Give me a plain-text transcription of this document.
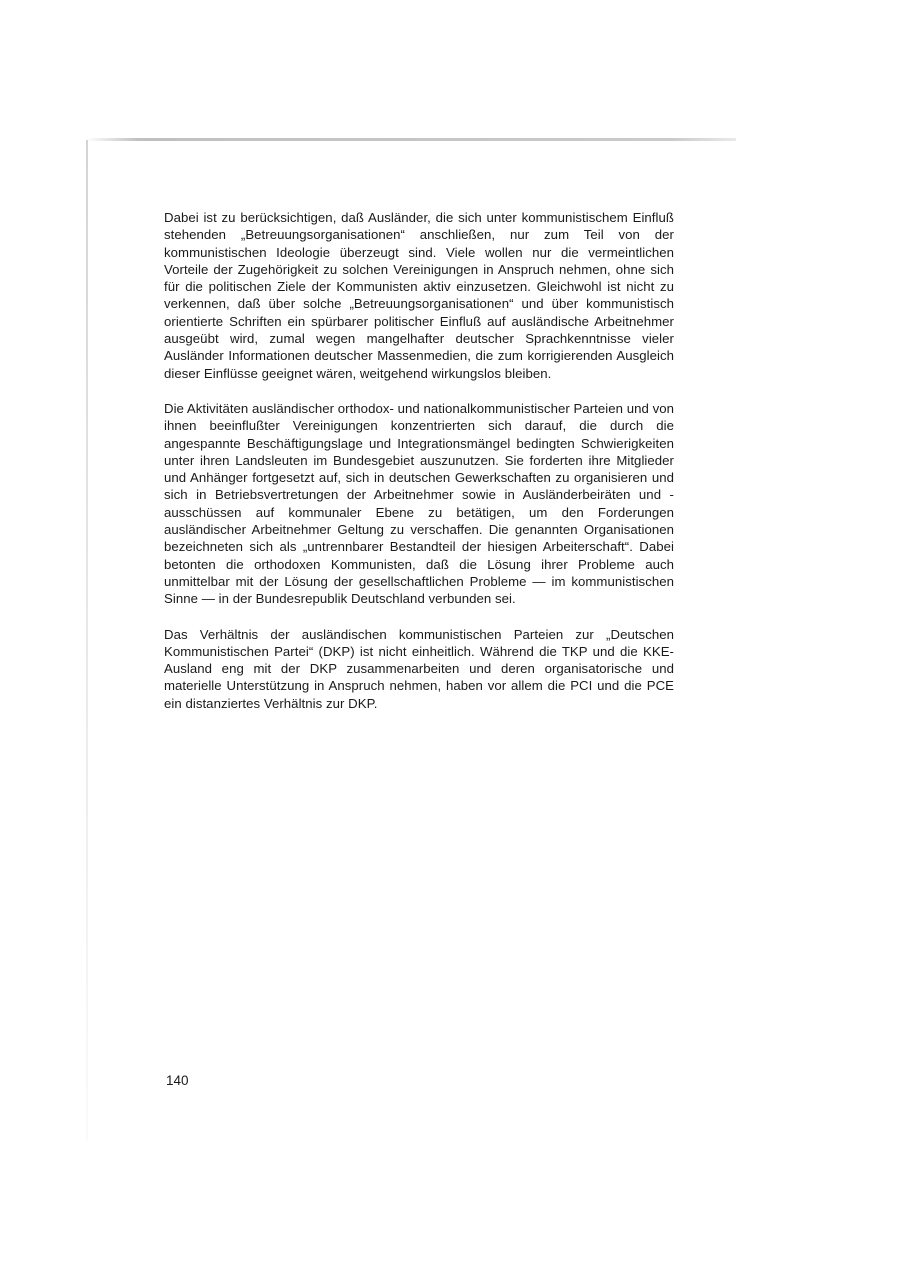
Dabei ist zu berücksichtigen, daß Ausländer, die sich unter kommunistischem Einfluß stehenden „Betreuungsorganisationen“ anschließen, nur zum Teil von der kommunistischen Ideologie überzeugt sind. Viele wollen nur die vermeintlichen Vorteile der Zugehörigkeit zu solchen Vereinigungen in Anspruch nehmen, ohne sich für die politischen Ziele der Kommunisten aktiv einzusetzen. Gleichwohl ist nicht zu verkennen, daß über solche „Betreuungsorganisationen“ und über kommunistisch orientierte Schriften ein spürbarer politischer Einfluß auf ausländische Arbeitnehmer ausgeübt wird, zumal wegen mangelhafter deutscher Sprachkenntnisse vieler Ausländer Informationen deutscher Massenmedien, die zum korrigierenden Ausgleich dieser Einflüsse geeignet wären, weitgehend wirkungslos bleiben.

Die Aktivitäten ausländischer orthodox- und nationalkommunistischer Parteien und von ihnen beeinflußter Vereinigungen konzentrierten sich darauf, die durch die angespannte Beschäftigungslage und Integrationsmängel bedingten Schwierigkeiten unter ihren Landsleuten im Bundesgebiet auszunutzen. Sie forderten ihre Mitglieder und Anhänger fortgesetzt auf, sich in deutschen Gewerkschaften zu organisieren und sich in Betriebsvertretungen der Arbeitnehmer sowie in Ausländerbeiräten und -ausschüssen auf kommunaler Ebene zu betätigen, um den Forderungen ausländischer Arbeitnehmer Geltung zu verschaffen. Die genannten Organisationen bezeichneten sich als „untrennbarer Bestandteil der hiesigen Arbeiterschaft“. Dabei betonten die orthodoxen Kommunisten, daß die Lösung ihrer Probleme auch unmittelbar mit der Lösung der gesellschaftlichen Probleme — im kommunistischen Sinne — in der Bundesrepublik Deutschland verbunden sei.

Das Verhältnis der ausländischen kommunistischen Parteien zur „Deutschen Kommunistischen Partei“ (DKP) ist nicht einheitlich. Während die TKP und die KKE-Ausland eng mit der DKP zusammenarbeiten und deren organisatorische und materielle Unterstützung in Anspruch nehmen, haben vor allem die PCI und die PCE ein distanziertes Verhältnis zur DKP.

140
